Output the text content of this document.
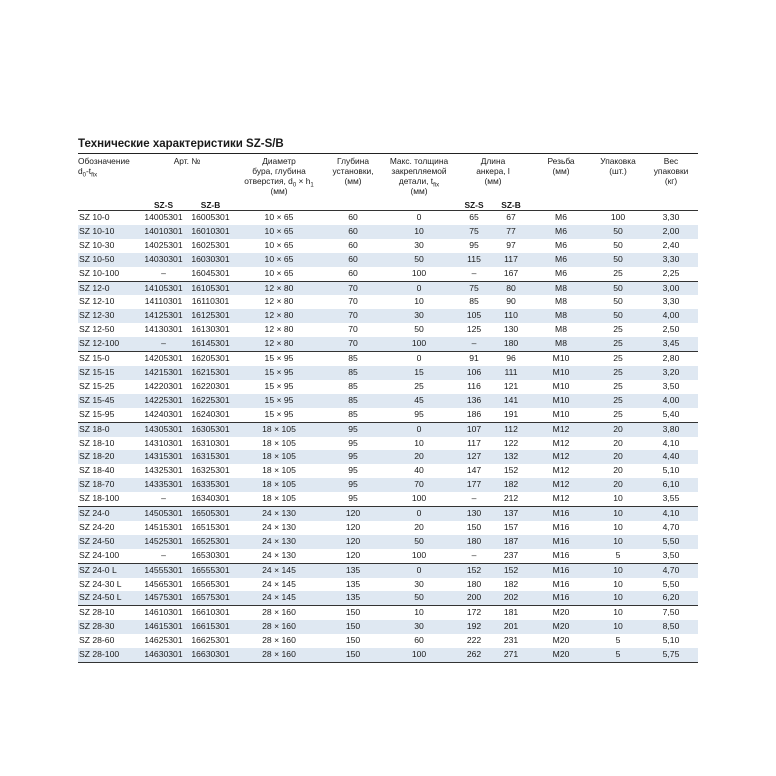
Технические характеристики SZ-S/B
Обозначение
$d_0-t_{fix}$	Арт. №		Диаметр
бура, глубина
отверстия, $d_0 \times h_1$
(мм)	Глубина
установки,
(мм)	Макс. толщина
закрепляемой
детали, $t_{fix}$
(мм)	Длина
анкера, l
(мм)		Резьба
(мм)	Упаковка
(шт.)	Вес
упаковки
(кг)
	SZ-S	SZ-B				SZ-S	SZ-B			
SZ 10-0	14005301	16005301	10 × 65	60	0	65	67	M6	100	3,30
SZ 10-10	14010301	16010301	10 × 65	60	10	75	77	M6	50	2,00
SZ 10-30	14025301	16025301	10 × 65	60	30	95	97	M6	50	2,40
SZ 10-50	14030301	16030301	10 × 65	60	50	115	117	M6	50	3,30
SZ 10-100	–	16045301	10 × 65	60	100	–	167	M6	25	2,25
SZ 12-0	14105301	16105301	12 × 80	70	0	75	80	M8	50	3,00
SZ 12-10	14110301	16110301	12 × 80	70	10	85	90	M8	50	3,30
SZ 12-30	14125301	16125301	12 × 80	70	30	105	110	M8	50	4,00
SZ 12-50	14130301	16130301	12 × 80	70	50	125	130	M8	25	2,50
SZ 12-100	–	16145301	12 × 80	70	100	–	180	M8	25	3,45
SZ 15-0	14205301	16205301	15 × 95	85	0	91	96	M10	25	2,80
SZ 15-15	14215301	16215301	15 × 95	85	15	106	111	M10	25	3,20
SZ 15-25	14220301	16220301	15 × 95	85	25	116	121	M10	25	3,50
SZ 15-45	14225301	16225301	15 × 95	85	45	136	141	M10	25	4,00
SZ 15-95	14240301	16240301	15 × 95	85	95	186	191	M10	25	5,40
SZ 18-0	14305301	16305301	18 × 105	95	0	107	112	M12	20	3,80
SZ 18-10	14310301	16310301	18 × 105	95	10	117	122	M12	20	4,10
SZ 18-20	14315301	16315301	18 × 105	95	20	127	132	M12	20	4,40
SZ 18-40	14325301	16325301	18 × 105	95	40	147	152	M12	20	5,10
SZ 18-70	14335301	16335301	18 × 105	95	70	177	182	M12	20	6,10
SZ 18-100	–	16340301	18 × 105	95	100	–	212	M12	10	3,55
SZ 24-0	14505301	16505301	24 × 130	120	0	130	137	M16	10	4,10
SZ 24-20	14515301	16515301	24 × 130	120	20	150	157	M16	10	4,70
SZ 24-50	14525301	16525301	24 × 130	120	50	180	187	M16	10	5,50
SZ 24-100	–	16530301	24 × 130	120	100	–	237	M16	5	3,50
SZ 24-0 L	14555301	16555301	24 × 145	135	0	152	152	M16	10	4,70
SZ 24-30 L	14565301	16565301	24 × 145	135	30	180	182	M16	10	5,50
SZ 24-50 L	14575301	16575301	24 × 145	135	50	200	202	M16	10	6,20
SZ 28-10	14610301	16610301	28 × 160	150	10	172	181	M20	10	7,50
SZ 28-30	14615301	16615301	28 × 160	150	30	192	201	M20	10	8,50
SZ 28-60	14625301	16625301	28 × 160	150	60	222	231	M20	5	5,10
SZ 28-100	14630301	16630301	28 × 160	150	100	262	271	M20	5	5,75
